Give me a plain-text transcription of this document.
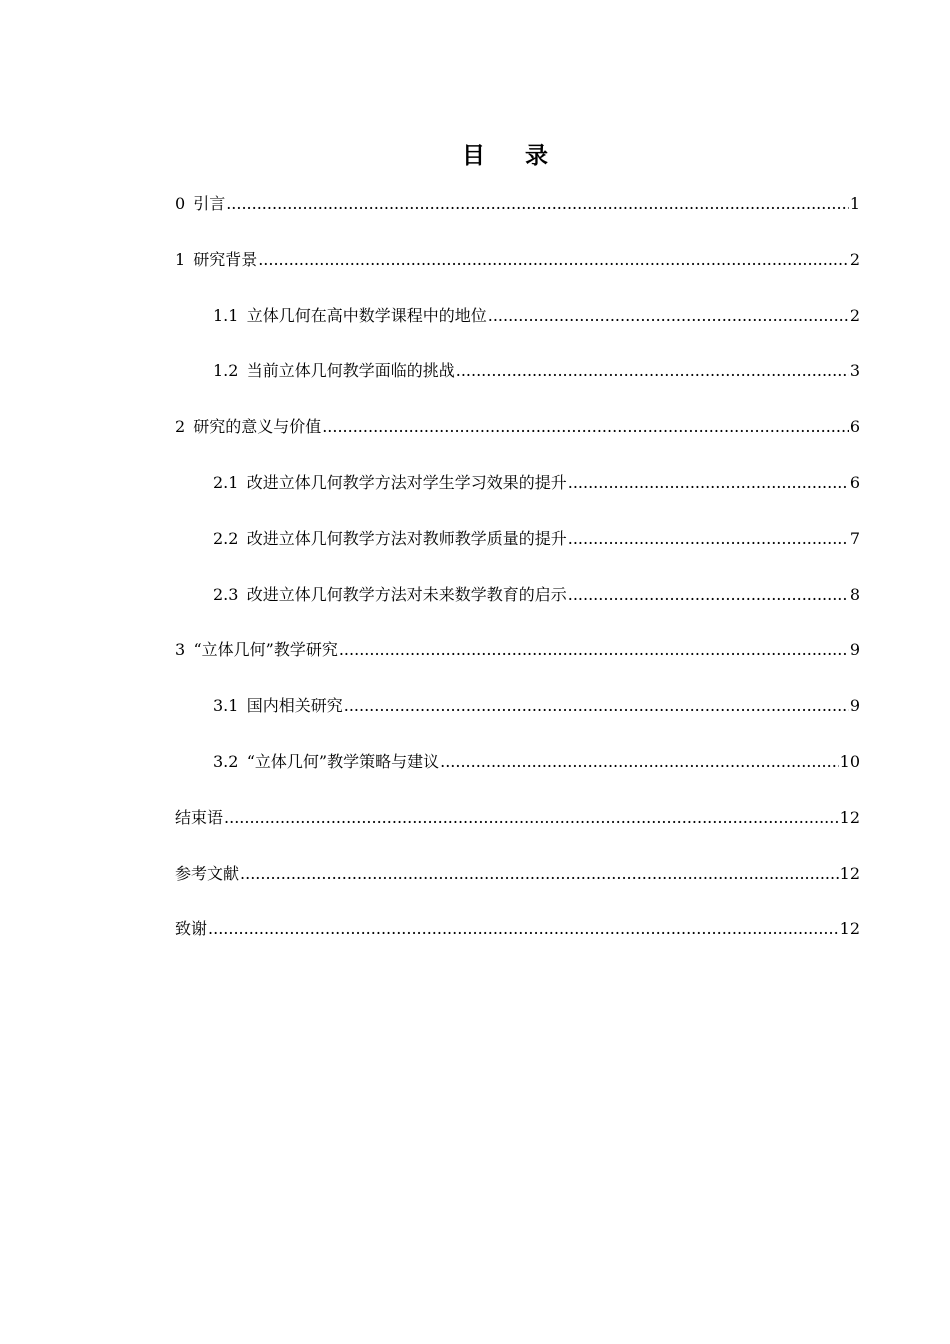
目录
0 引言 .....	1
1 研究背景 .....	2
1.1 立体几何在高中数学课程中的地位 .....	2
1.2 当前立体几何教学面临的挑战 .....	3
2 研究的意义与价值 .....	6
2.1 改进立体几何教学方法对学生学习效果的提升 .....	6
2.2 改进立体几何教学方法对教师教学质量的提升 .....	7
2.3 改进立体几何教学方法对未来数学教育的启示 .....	8
3 “立体几何”教学研究 .....	9
3.1 国内相关研究 .....	9
3.2 “立体几何”教学策略与建议 .....	10
结束语 .....	12
参考文献 .....	12
致谢 .....	12
